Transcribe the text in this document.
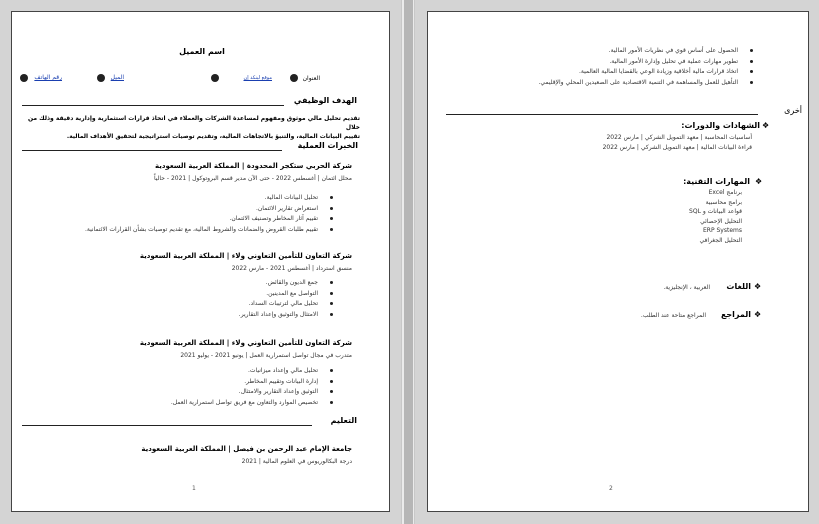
اسم العميل
العنوان
موقع لينكد إن
الميل
رقم الهاتف
الهدف الوظيفي
تقديم تحليل مالي موثوق ومفهوم لمساعدة الشركات والعملاء في اتخاذ قرارات استثمارية وإدارية دقيقة وذلك من خلال
تقييم البيانات المالية، والتنبؤ بالاتجاهات المالية، وتقديم توصيات استراتيجية لتحقيق الأهداف المالية.
الخبرات العملية
شركة الحربي ستكجر المحدودة | المملكة العربية السعودية
محلل ائتمان | أغسطس 2022 - حتى الآن مدير قسم البروتوكول | 2021 - حالياً
تحليل البيانات المالية.
استعراض تقارير الائتمان.
تقييم آثار المخاطر وتصنيف الائتمان.
تقييم طلبات القروض والضمانات والشروط المالية، مع تقديم توصيات بشأن القرارات الائتمانية.
شركة التعاون للتأمين التعاوني ولاء | المملكة العربية السعودية
منسق استرداد | أغسطس 2021 - مارس 2022
جمع الديون والقائض.
التواصل مع المدينين.
تحليل مالي لترتيبات السداد.
الامتثال والتوثيق وإعداد التقارير.
شركة التعاون للتأمين التعاوني ولاء | المملكة العربية السعودية
متدرب في مجال تواصل استمرارية العمل | يونيو 2021 - يوليو 2021
تحليل مالي وإعداد ميزانيات.
إدارة البيانات وتقييم المخاطر.
التوثيق وإعداد التقارير والامتثال.
تخصيص الموارد والتعاون مع فريق تواصل استمرارية العمل.
التعليم
جامعة الإمام عبد الرحمن بن فيصل | المملكة العربية السعودية
درجة البكالوريوس في العلوم المالية | 2021
1
الحصول على أساس قوي في نظريات الأمور المالية.
تطوير مهارات عملية في تحليل وإدارة الأمور المالية.
اتخاذ قرارات مالية أخلاقية وزيادة الوعي بالقضايا المالية العالمية.
التأهيل للعمل والمساهمة في التنمية الاقتصادية على الصعيدين المحلي والإقليمي.
أخرى
الشهادات والدورات: ❖
أساسيات المحاسبة | معهد التمويل الشركي | مارس 2022
قراءة البيانات المالية | معهد التمويل الشركي | مارس 2022
المهارات التقنية: ❖
برنامج Excel
برامج محاسبية
قواعد البيانات و SQL
التحليل الإحصائي
ERP Systems
التحليل الجغرافي
❖
اللغات
العربية ، الإنجليزية.
❖
المراجع
المراجع متاحة عند الطلب.
2
